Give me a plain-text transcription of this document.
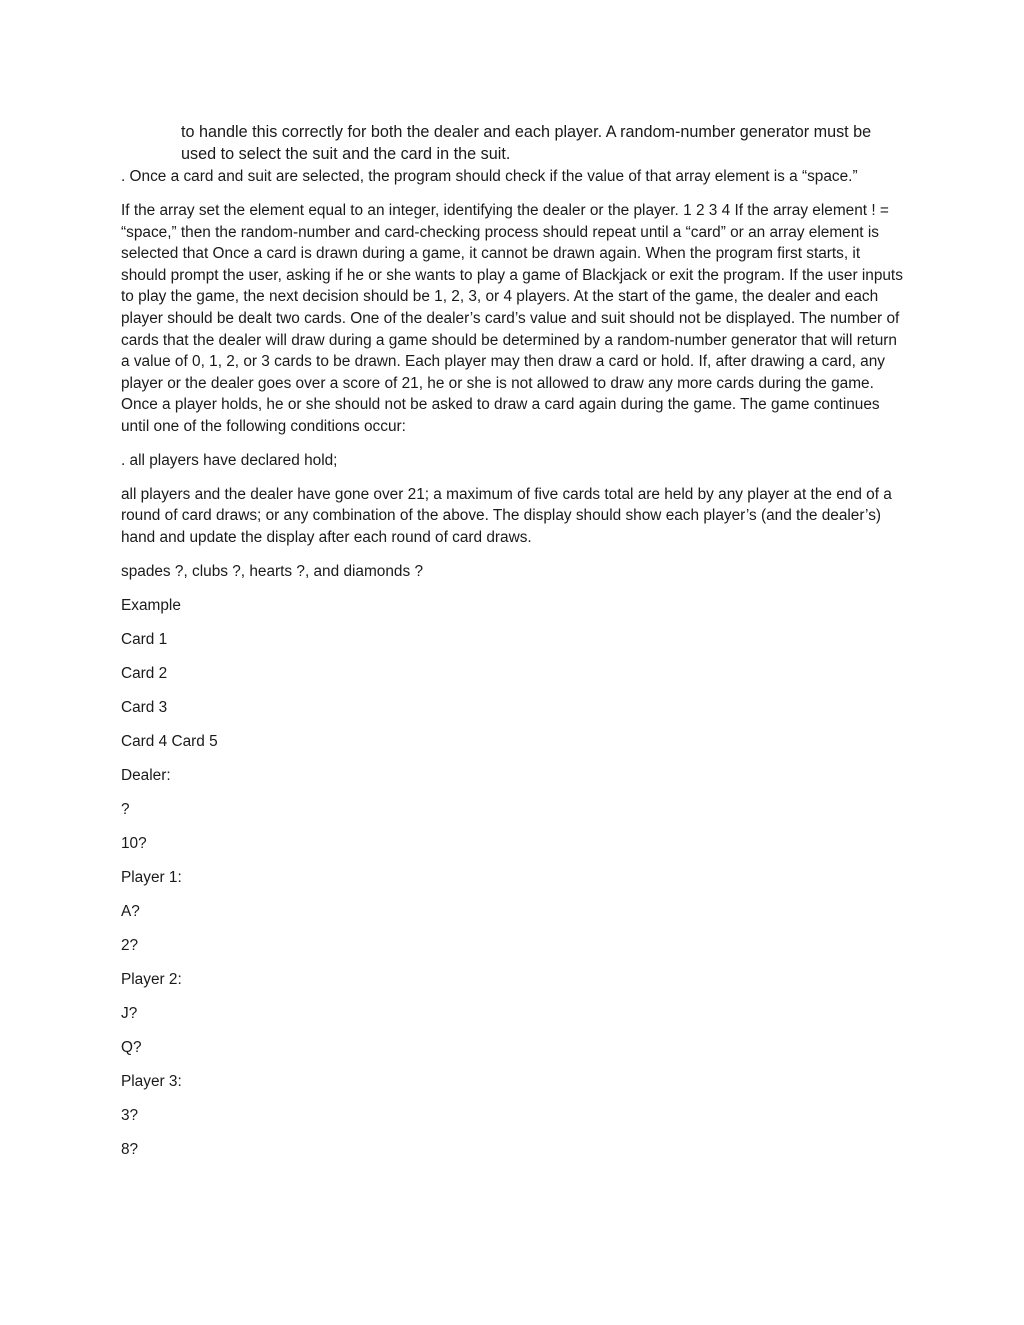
to handle this correctly for both the dealer and each player. A random-number generator must be used to select the suit and the card in the suit.

. Once a card and suit are selected, the program should check if the value of that array element is a “space.”

If the array set the element equal to an integer, identifying the dealer or the player. 1 2 3 4 If the array element ! = “space,” then the random-number and card-checking process should repeat until a “card” or an array element is selected that Once a card is drawn during a game, it cannot be drawn again. When the program first starts, it should prompt the user, asking if he or she wants to play a game of Blackjack or exit the program. If the user inputs to play the game, the next decision should be 1, 2, 3, or 4 players. At the start of the game, the dealer and each player should be dealt two cards. One of the dealer’s card’s value and suit should not be displayed. The number of cards that the dealer will draw during a game should be determined by a random-number generator that will return a value of 0, 1, 2, or 3 cards to be drawn. Each player may then draw a card or hold. If, after drawing a card, any player or the dealer goes over a score of 21, he or she is not allowed to draw any more cards during the game. Once a player holds, he or she should not be asked to draw a card again during the game. The game continues until one of the following conditions occur:

. all players have declared hold;

all players and the dealer have gone over 21; a maximum of five cards total are held by any player at the end of a round of card draws; or any combination of the above. The display should show each player’s (and the dealer’s) hand and update the display after each round of card draws.

spades ?, clubs ?, hearts ?, and diamonds ?

Example

Card 1

Card 2

Card 3

Card 4 Card 5

Dealer:

?

10?

Player 1:

A?

2?

Player 2:

J?

Q?

Player 3:

3?

8?
